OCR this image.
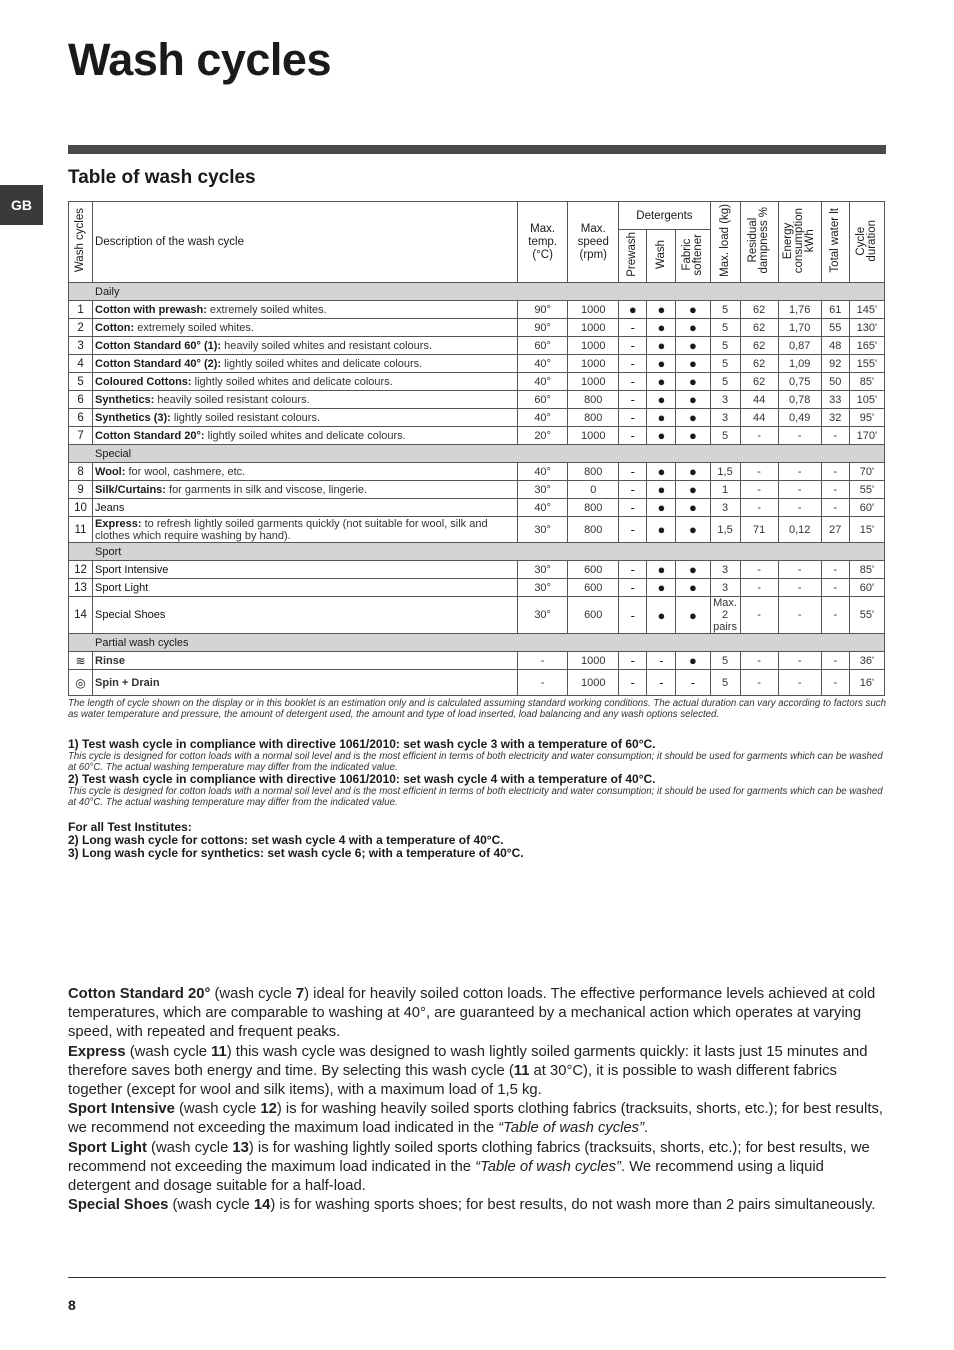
Wash cycles
GB
Table of wash cycles
Wash cycles	Description of the wash cycle	Max.
temp.
(°C)	Max.
speed
(rpm)	Detergents			Max. load (kg)	Residual
dampness %	Energy
consumption
kWh	Total water lt	Cycle
duration
				Prewash	Wash	Fabric
softener					
Daily											
1	Cotton with prewash: extremely soiled whites.	90°	1000	●	●	●	5	62	1,76	61	145'
2	Cotton: extremely soiled whites.	90°	1000	-	●	●	5	62	1,70	55	130'
3	Cotton Standard 60° (1): heavily soiled whites and resistant colours.	60°	1000	-	●	●	5	62	0,87	48	165'
4	Cotton Standard 40° (2): lightly soiled whites and delicate colours.	40°	1000	-	●	●	5	62	1,09	92	155'
5	Coloured Cottons: lightly soiled whites and delicate colours.	40°	1000	-	●	●	5	62	0,75	50	85'
6	Synthetics: heavily soiled resistant colours.	60°	800	-	●	●	3	44	0,78	33	105'
6	Synthetics (3): lightly soiled resistant colours.	40°	800	-	●	●	3	44	0,49	32	95'
7	Cotton Standard 20°: lightly soiled whites and delicate colours.	20°	1000	-	●	●	5	-	-	-	170'
Special											
8	Wool: for wool, cashmere, etc.	40°	800	-	●	●	1,5	-	-	-	70'
9	Silk/Curtains: for garments in silk and viscose, lingerie.	30°	0	-	●	●	1	-	-	-	55'
10	Jeans	40°	800	-	●	●	3	-	-	-	60'
11	Express: to refresh lightly soiled garments quickly (not suitable for wool, silk and clothes which require washing by hand).	30°	800	-	●	●	1,5	71	0,12	27	15'
Sport											
12	Sport Intensive	30°	600	-	●	●	3	-	-	-	85'
13	Sport Light	30°	600	-	●	●	3	-	-	-	60'
14	Special Shoes	30°	600	-	●	●	Max.
2 pairs	-	-	-	55'
Partial wash cycles											
≋	Rinse	-	1000	-	-	●	5	-	-	-	36'
◎	Spin + Drain	-	1000	-	-	-	5	-	-	-	16'

The length of cycle shown on the display or in this booklet is an estimation only and is calculated assuming standard working conditions. The actual duration can vary according to factors such as water temperature and pressure, the amount of detergent used, the amount and type of load inserted, load balancing and any wash options selected.

1) Test wash cycle in compliance with directive 1061/2010: set wash cycle 3 with a temperature of 60°C.
This cycle is designed for cotton loads with a normal soil level and is the most efficient in terms of both electricity and water consumption; it should be used for garments which can be washed at 60°C. The actual washing temperature may differ from the indicated value.
2) Test wash cycle in compliance with directive 1061/2010: set wash cycle 4 with a temperature of 40°C.
This cycle is designed for cotton loads with a normal soil level and is the most efficient in terms of both electricity and water consumption; it should be used for garments which can be washed at 40°C. The actual washing temperature may differ from the indicated value.
For all Test Institutes:
2) Long wash cycle for cottons: set wash cycle 4 with a temperature of 40°C.
3) Long wash cycle for synthetics: set wash cycle 6; with a temperature of 40°C.
Cotton Standard 20° (wash cycle 7) ideal for heavily soiled cotton loads. The effective performance levels achieved at cold temperatures, which are comparable to washing at 40°, are guaranteed by a mechanical action which operates at varying speed, with repeated and frequent peaks.
Express (wash cycle 11) this wash cycle was designed to wash lightly soiled garments quickly: it lasts just 15 minutes and therefore saves both energy and time. By selecting this wash cycle (11 at 30°C), it is possible to wash different fabrics together (except for wool and silk items), with a maximum load of 1,5 kg.
Sport Intensive (wash cycle 12) is for washing heavily soiled sports clothing fabrics (tracksuits, shorts, etc.); for best results, we recommend not exceeding the maximum load indicated in the “Table of wash cycles”.
Sport Light (wash cycle 13) is for washing lightly soiled sports clothing fabrics (tracksuits, shorts, etc.); for best results, we recommend not exceeding the maximum load indicated in the “Table of wash cycles”. We recommend using a liquid detergent and dosage suitable for a half-load.
Special Shoes (wash cycle 14) is for washing sports shoes; for best results, do not wash more than 2 pairs simultaneously.
8
